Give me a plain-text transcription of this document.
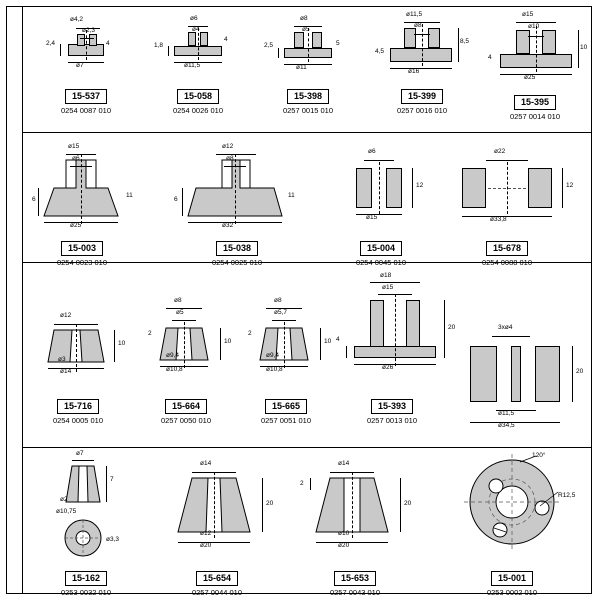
ø4,2
ø2,3
2,4	4
ø7
15-537
0254 0087 010
ø6
ø4
1,8
4
ø11,5
15-058
0254 0026 010
ø8
ø5
2,5	5
ø11
15-398
0257 0015 010
ø11,5
ø8
4,5
8,5
ø16
15-399
0257 0016 010
ø15
ø10
4
10
ø25
15-395
0257 0014 010
ø15
ø6
6
11
ø25
15-003
0254 0023 010
ø12
ø8
6
11
ø32
15-038
0254 0025 010
ø6
12
ø15
15-004
0254 0045 010
ø22
12
ø33,8
15-678
0254 0088 010
ø12
10
ø3
ø14
15-716
0254 0005 010
ø8
ø5
2
10
ø9,4
ø10,8
15-664
0257 0050 010
ø8
ø5,7
2
10
ø9,4
ø10,8
15-665
0257 0051 010
ø18
ø15
4
20
ø26
15-393
0257 0013 010
3xø4
20
ø11,5
ø34,5
ø7
7
ø2
ø10,75
ø3,3
15-162
0253 0032 010
ø14
20
ø12
ø20
15-654
0257 0044 010
ø14
20
2
ø10
ø20
15-653
0257 0043 010
120°
R12,5
15-001
0253 0002 010
